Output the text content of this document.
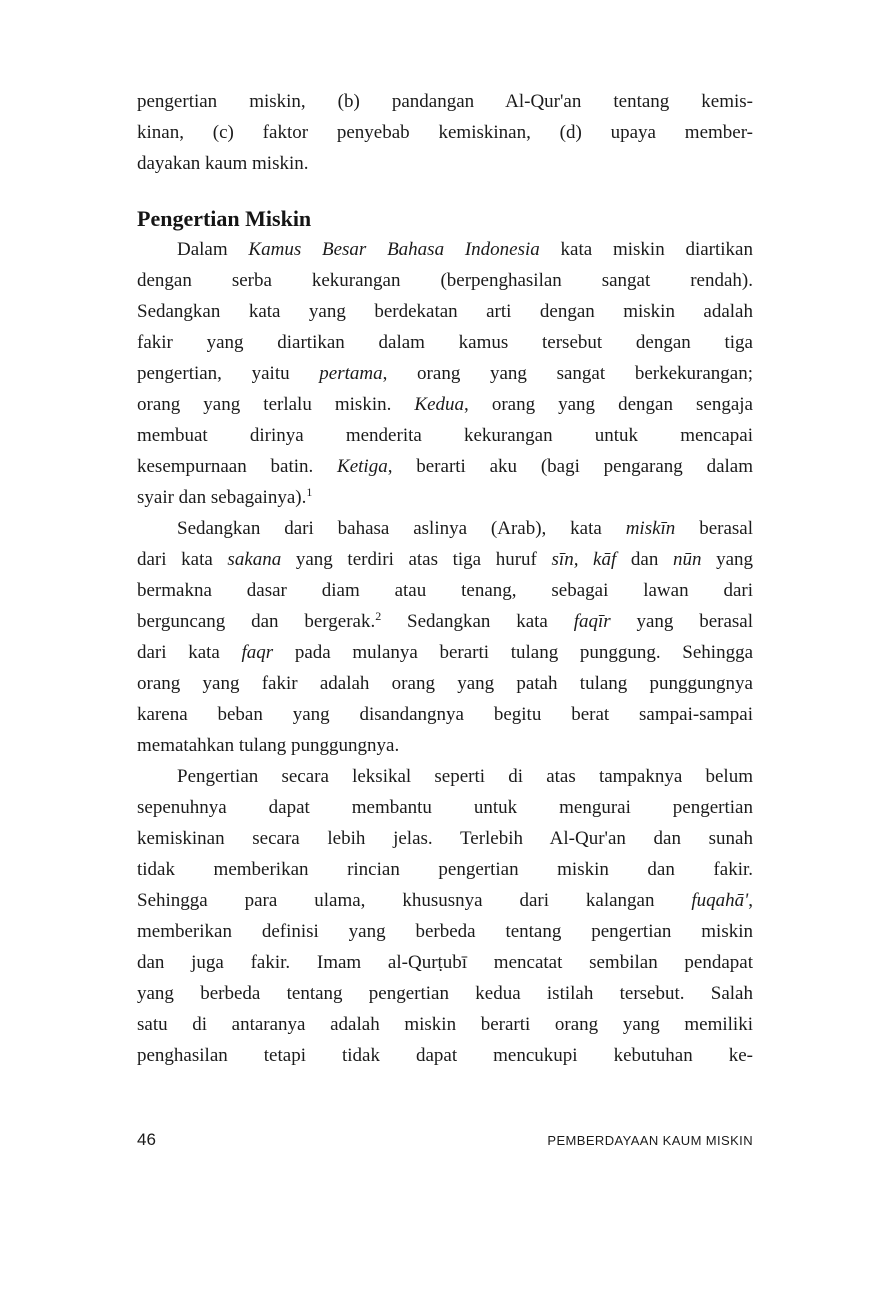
pengertian miskin, (b) pandangan Al-Qur'an tentang kemis-
kinan, (c) faktor penyebab kemiskinan, (d) upaya member-
dayakan kaum miskin.
Pengertian Miskin
Dalam Kamus Besar Bahasa Indonesia kata miskin diartikan
dengan serba kekurangan (berpenghasilan sangat rendah).
Sedangkan kata yang berdekatan arti dengan miskin adalah
fakir yang diartikan dalam kamus tersebut dengan tiga
pengertian, yaitu pertama, orang yang sangat berkekurangan;
orang yang terlalu miskin. Kedua, orang yang dengan sengaja
membuat dirinya menderita kekurangan untuk mencapai
kesempurnaan batin. Ketiga, berarti aku (bagi pengarang dalam
syair dan sebagainya).$^1$
Sedangkan dari bahasa aslinya (Arab), kata miskīn berasal
dari kata sakana yang terdiri atas tiga huruf sīn, kāf dan nūn yang
bermakna dasar diam atau tenang, sebagai lawan dari
berguncang dan bergerak.$^2$ Sedangkan kata faqīr yang berasal
dari kata faqr pada mulanya berarti tulang punggung. Sehingga
orang yang fakir adalah orang yang patah tulang punggungnya
karena beban yang disandangnya begitu berat sampai-sampai
mematahkan tulang punggungnya.
Pengertian secara leksikal seperti di atas tampaknya belum
sepenuhnya dapat membantu untuk mengurai pengertian
kemiskinan secara lebih jelas. Terlebih Al-Qur'an dan sunah
tidak memberikan rincian pengertian miskin dan fakir.
Sehingga para ulama, khususnya dari kalangan fuqahā',
memberikan definisi yang berbeda tentang pengertian miskin
dan juga fakir. Imam al-Qurṭubī mencatat sembilan pendapat
yang berbeda tentang pengertian kedua istilah tersebut. Salah
satu di antaranya adalah miskin berarti orang yang memiliki
penghasilan tetapi tidak dapat mencukupi kebutuhan ke-
46	PEMBERDAYAAN KAUM MISKIN
